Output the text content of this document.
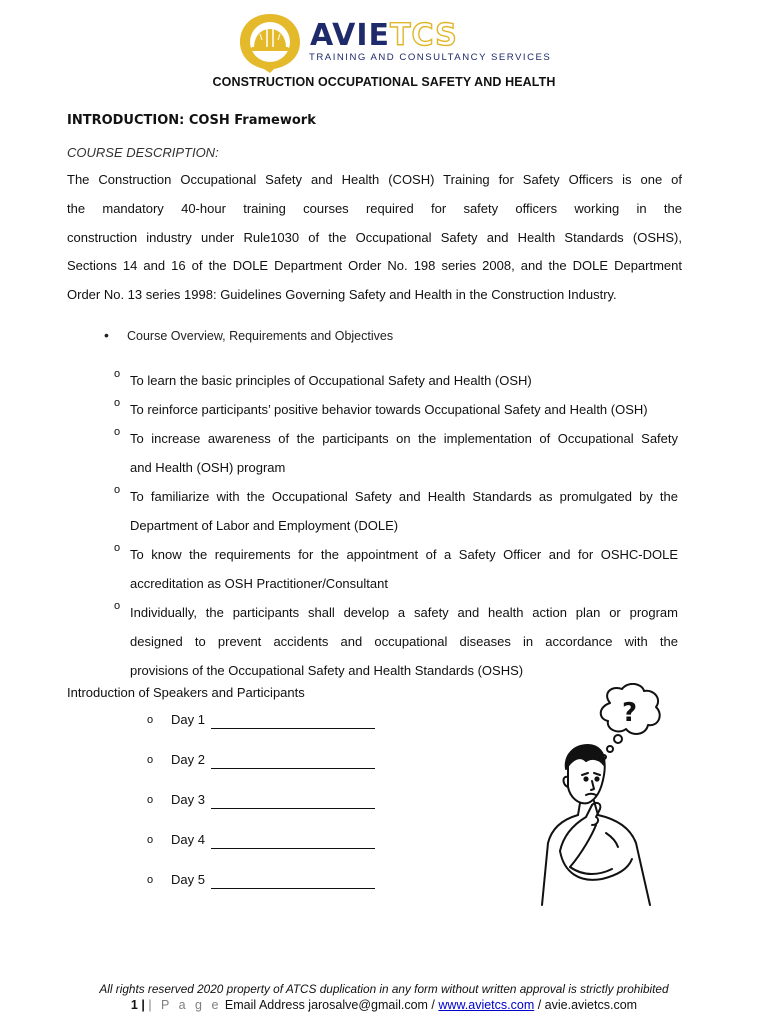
AVIETCS
TRAINING AND CONSULTANCY SERVICES
CONSTRUCTION OCCUPATIONAL SAFETY AND HEALTH
INTRODUCTION: COSH Framework
COURSE DESCRIPTION:
The Construction Occupational Safety and Health (COSH) Training for Safety Officers is one of
the mandatory 40-hour training courses required for safety officers working in the
construction industry under Rule1030 of the Occupational Safety and Health Standards (OSHS),
Sections 14 and 16 of the DOLE Department Order No. 198 series 2008, and the DOLE Department
Order No. 13 series 1998: Guidelines Governing Safety and Health in the Construction Industry.
• Course Overview, Requirements and Objectives
o To learn the basic principles of Occupational Safety and Health (OSH)
o To reinforce participants’ positive behavior towards Occupational Safety and Health (OSH)
o To increase awareness of the participants on the implementation of Occupational Safety
and Health (OSH) program
o To familiarize with the Occupational Safety and Health Standards as promulgated by the
Department of Labor and Employment (DOLE)
o To know the requirements for the appointment of a Safety Officer and for OSHC-DOLE
accreditation as OSH Practitioner/Consultant
o Individually, the participants shall develop a safety and health action plan or program
designed to prevent accidents and occupational diseases in accordance with the
provisions of the Occupational Safety and Health Standards (OSHS)
Introduction of Speakers and Participants
o Day 1
o Day 2
o Day 3
o Day 4
o Day 5
?
All rights reserved 2020 property of ATCS duplication in any form without written approval is strictly prohibited
1 | | P a g e Email Address jarosalve@gmail.com / www.avietcs.com / avie.avietcs.com
